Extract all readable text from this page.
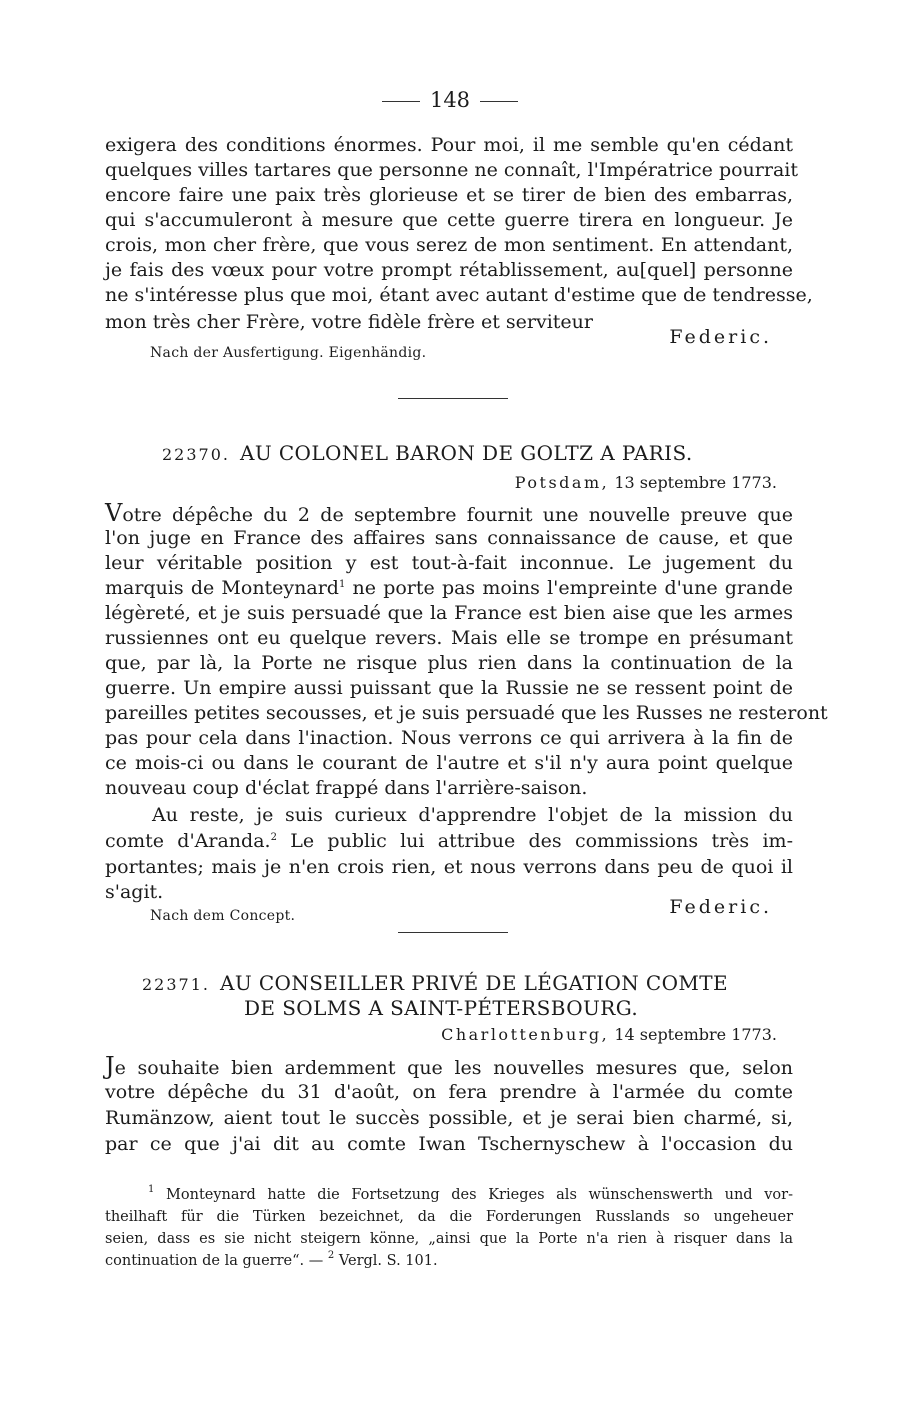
148
exigera des conditions énormes. Pour moi, il me semble qu'en cédant
quelques villes tartares que personne ne connaît, l'Impératrice pourrait
encore faire une paix très glorieuse et se tirer de bien des embarras,
qui s'accumuleront à mesure que cette guerre tirera en longueur. Je
crois, mon cher frère, que vous serez de mon sentiment. En attendant,
je fais des vœux pour votre prompt rétablissement, au[quel] personne
ne s'intéresse plus que moi, étant avec autant d'estime que de tendresse,
mon très cher Frère, votre fidèle frère et serviteur
Federic.
Nach der Ausfertigung. Eigenhändig.
22370. AU COLONEL BARON DE GOLTZ A PARIS.
Potsdam, 13 septembre 1773.
Votre dépêche du 2 de septembre fournit une nouvelle preuve que
l'on juge en France des affaires sans connaissance de cause, et que
leur véritable position y est tout-à-fait inconnue. Le jugement du
marquis de Monteynard$^1$ ne porte pas moins l'empreinte d'une grande
légèreté, et je suis persuadé que la France est bien aise que les armes
russiennes ont eu quelque revers. Mais elle se trompe en présumant
que, par là, la Porte ne risque plus rien dans la continuation de la
guerre. Un empire aussi puissant que la Russie ne se ressent point de
pareilles petites secousses, et je suis persuadé que les Russes ne resteront
pas pour cela dans l'inaction. Nous verrons ce qui arrivera à la fin de
ce mois-ci ou dans le courant de l'autre et s'il n'y aura point quelque
nouveau coup d'éclat frappé dans l'arrière-saison.
Au reste, je suis curieux d'apprendre l'objet de la mission du
comte d'Aranda.$^2$ Le public lui attribue des commissions très im-
portantes; mais je n'en crois rien, et nous verrons dans peu de quoi il
s'agit.
Federic.
Nach dem Concept.
22371. AU CONSEILLER PRIVÉ DE LÉGATION COMTE
DE SOLMS A SAINT-PÉTERSBOURG.
Charlottenburg, 14 septembre 1773.
Je souhaite bien ardemment que les nouvelles mesures que, selon
votre dépêche du 31 d'août, on fera prendre à l'armée du comte
Rumänzow, aient tout le succès possible, et je serai bien charmé, si,
par ce que j'ai dit au comte Iwan Tschernyschew à l'occasion du
$^1$ Monteynard hatte die Fortsetzung des Krieges als wünschenswerth und vor-
theilhaft für die Türken bezeichnet, da die Forderungen Russlands so ungeheuer
seien, dass es sie nicht steigern könne, „ainsi que la Porte n'a rien à risquer dans la
continuation de la guerre“. — $^2$ Vergl. S. 101.
